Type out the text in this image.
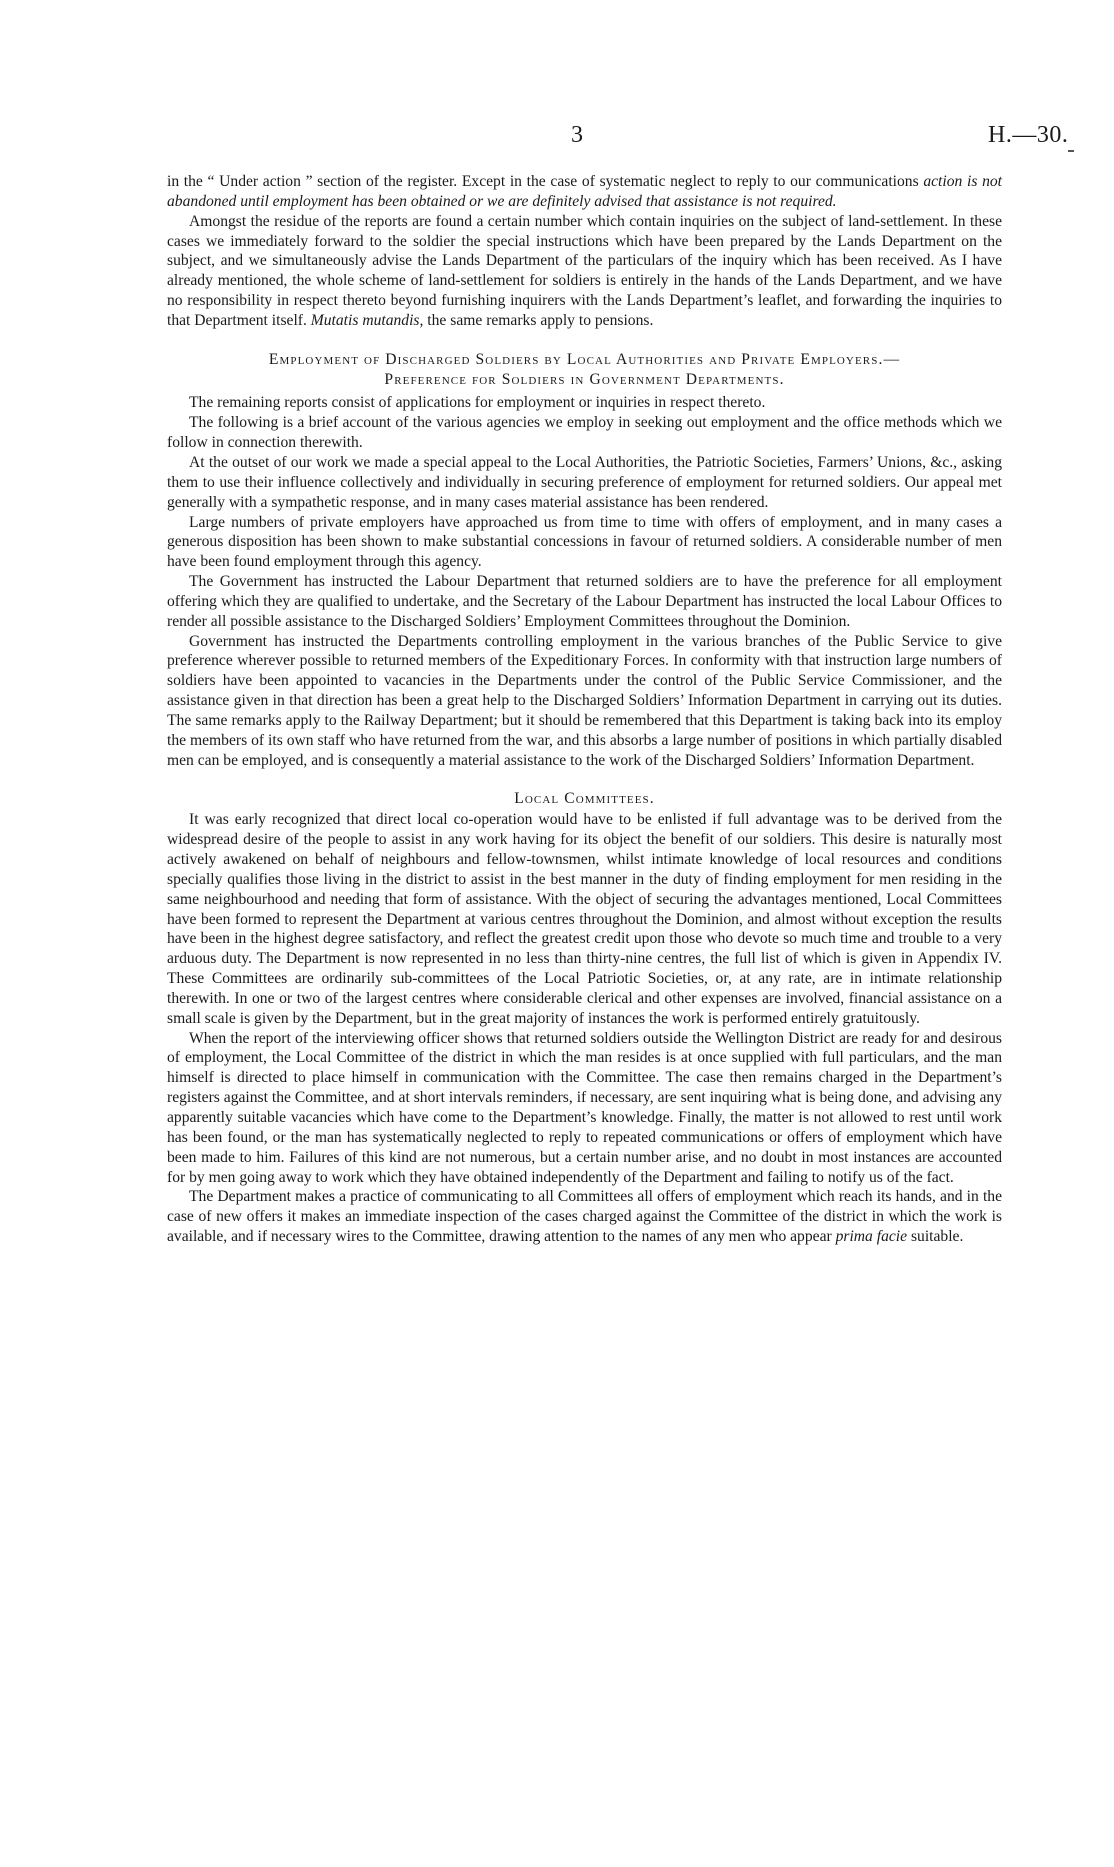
3	H.—30.

in the “ Under action ” section of the register. Except in the case of systematic neglect to reply to our communications action is not abandoned until employment has been obtained or we are definitely advised that assistance is not required.

Amongst the residue of the reports are found a certain number which contain inquiries on the subject of land-settlement. In these cases we immediately forward to the soldier the special instructions which have been prepared by the Lands Department on the subject, and we simultaneously advise the Lands Department of the particulars of the inquiry which has been received. As I have already mentioned, the whole scheme of land-settlement for soldiers is entirely in the hands of the Lands Department, and we have no responsibility in respect thereto beyond furnishing inquirers with the Lands Department’s leaflet, and forwarding the inquiries to that Department itself. Mutatis mutandis, the same remarks apply to pensions.

Employment of Discharged Soldiers by Local Authorities and Private Employers.—
Preference for Soldiers in Government Departments.

The remaining reports consist of applications for employment or inquiries in respect thereto.

The following is a brief account of the various agencies we employ in seeking out employment and the office methods which we follow in connection therewith.

At the outset of our work we made a special appeal to the Local Authorities, the Patriotic Societies, Farmers’ Unions, &c., asking them to use their influence collectively and individually in securing preference of employment for returned soldiers. Our appeal met generally with a sympathetic response, and in many cases material assistance has been rendered.

Large numbers of private employers have approached us from time to time with offers of employment, and in many cases a generous disposition has been shown to make substantial concessions in favour of returned soldiers. A considerable number of men have been found employment through this agency.

The Government has instructed the Labour Department that returned soldiers are to have the preference for all employment offering which they are qualified to undertake, and the Secretary of the Labour Department has instructed the local Labour Offices to render all possible assistance to the Discharged Soldiers’ Employment Committees throughout the Dominion.

Government has instructed the Departments controlling employment in the various branches of the Public Service to give preference wherever possible to returned members of the Expeditionary Forces. In conformity with that instruction large numbers of soldiers have been appointed to vacancies in the Departments under the control of the Public Service Commissioner, and the assistance given in that direction has been a great help to the Discharged Soldiers’ Information Department in carrying out its duties. The same remarks apply to the Railway Department; but it should be remembered that this Department is taking back into its employ the members of its own staff who have returned from the war, and this absorbs a large number of positions in which partially disabled men can be employed, and is consequently a material assistance to the work of the Discharged Soldiers’ Information Department.

Local Committees.

It was early recognized that direct local co-operation would have to be enlisted if full advantage was to be derived from the widespread desire of the people to assist in any work having for its object the benefit of our soldiers. This desire is naturally most actively awakened on behalf of neighbours and fellow-townsmen, whilst intimate knowledge of local resources and conditions specially qualifies those living in the district to assist in the best manner in the duty of finding employment for men residing in the same neighbourhood and needing that form of assistance. With the object of securing the advantages mentioned, Local Committees have been formed to represent the Department at various centres throughout the Dominion, and almost without exception the results have been in the highest degree satisfactory, and reflect the greatest credit upon those who devote so much time and trouble to a very arduous duty. The Department is now represented in no less than thirty-nine centres, the full list of which is given in Appendix IV. These Committees are ordinarily sub-committees of the Local Patriotic Societies, or, at any rate, are in intimate relationship therewith. In one or two of the largest centres where considerable clerical and other expenses are involved, financial assistance on a small scale is given by the Department, but in the great majority of instances the work is performed entirely gratuitously.

When the report of the interviewing officer shows that returned soldiers outside the Wellington District are ready for and desirous of employment, the Local Committee of the district in which the man resides is at once supplied with full particulars, and the man himself is directed to place himself in communication with the Committee. The case then remains charged in the Department’s registers against the Committee, and at short intervals reminders, if necessary, are sent inquiring what is being done, and advising any apparently suitable vacancies which have come to the Department’s knowledge. Finally, the matter is not allowed to rest until work has been found, or the man has systematically neglected to reply to repeated communications or offers of employment which have been made to him. Failures of this kind are not numerous, but a certain number arise, and no doubt in most instances are accounted for by men going away to work which they have obtained independently of the Department and failing to notify us of the fact.

The Department makes a practice of communicating to all Committees all offers of employment which reach its hands, and in the case of new offers it makes an immediate inspection of the cases charged against the Committee of the district in which the work is available, and if necessary wires to the Committee, drawing attention to the names of any men who appear prima facie suitable.
